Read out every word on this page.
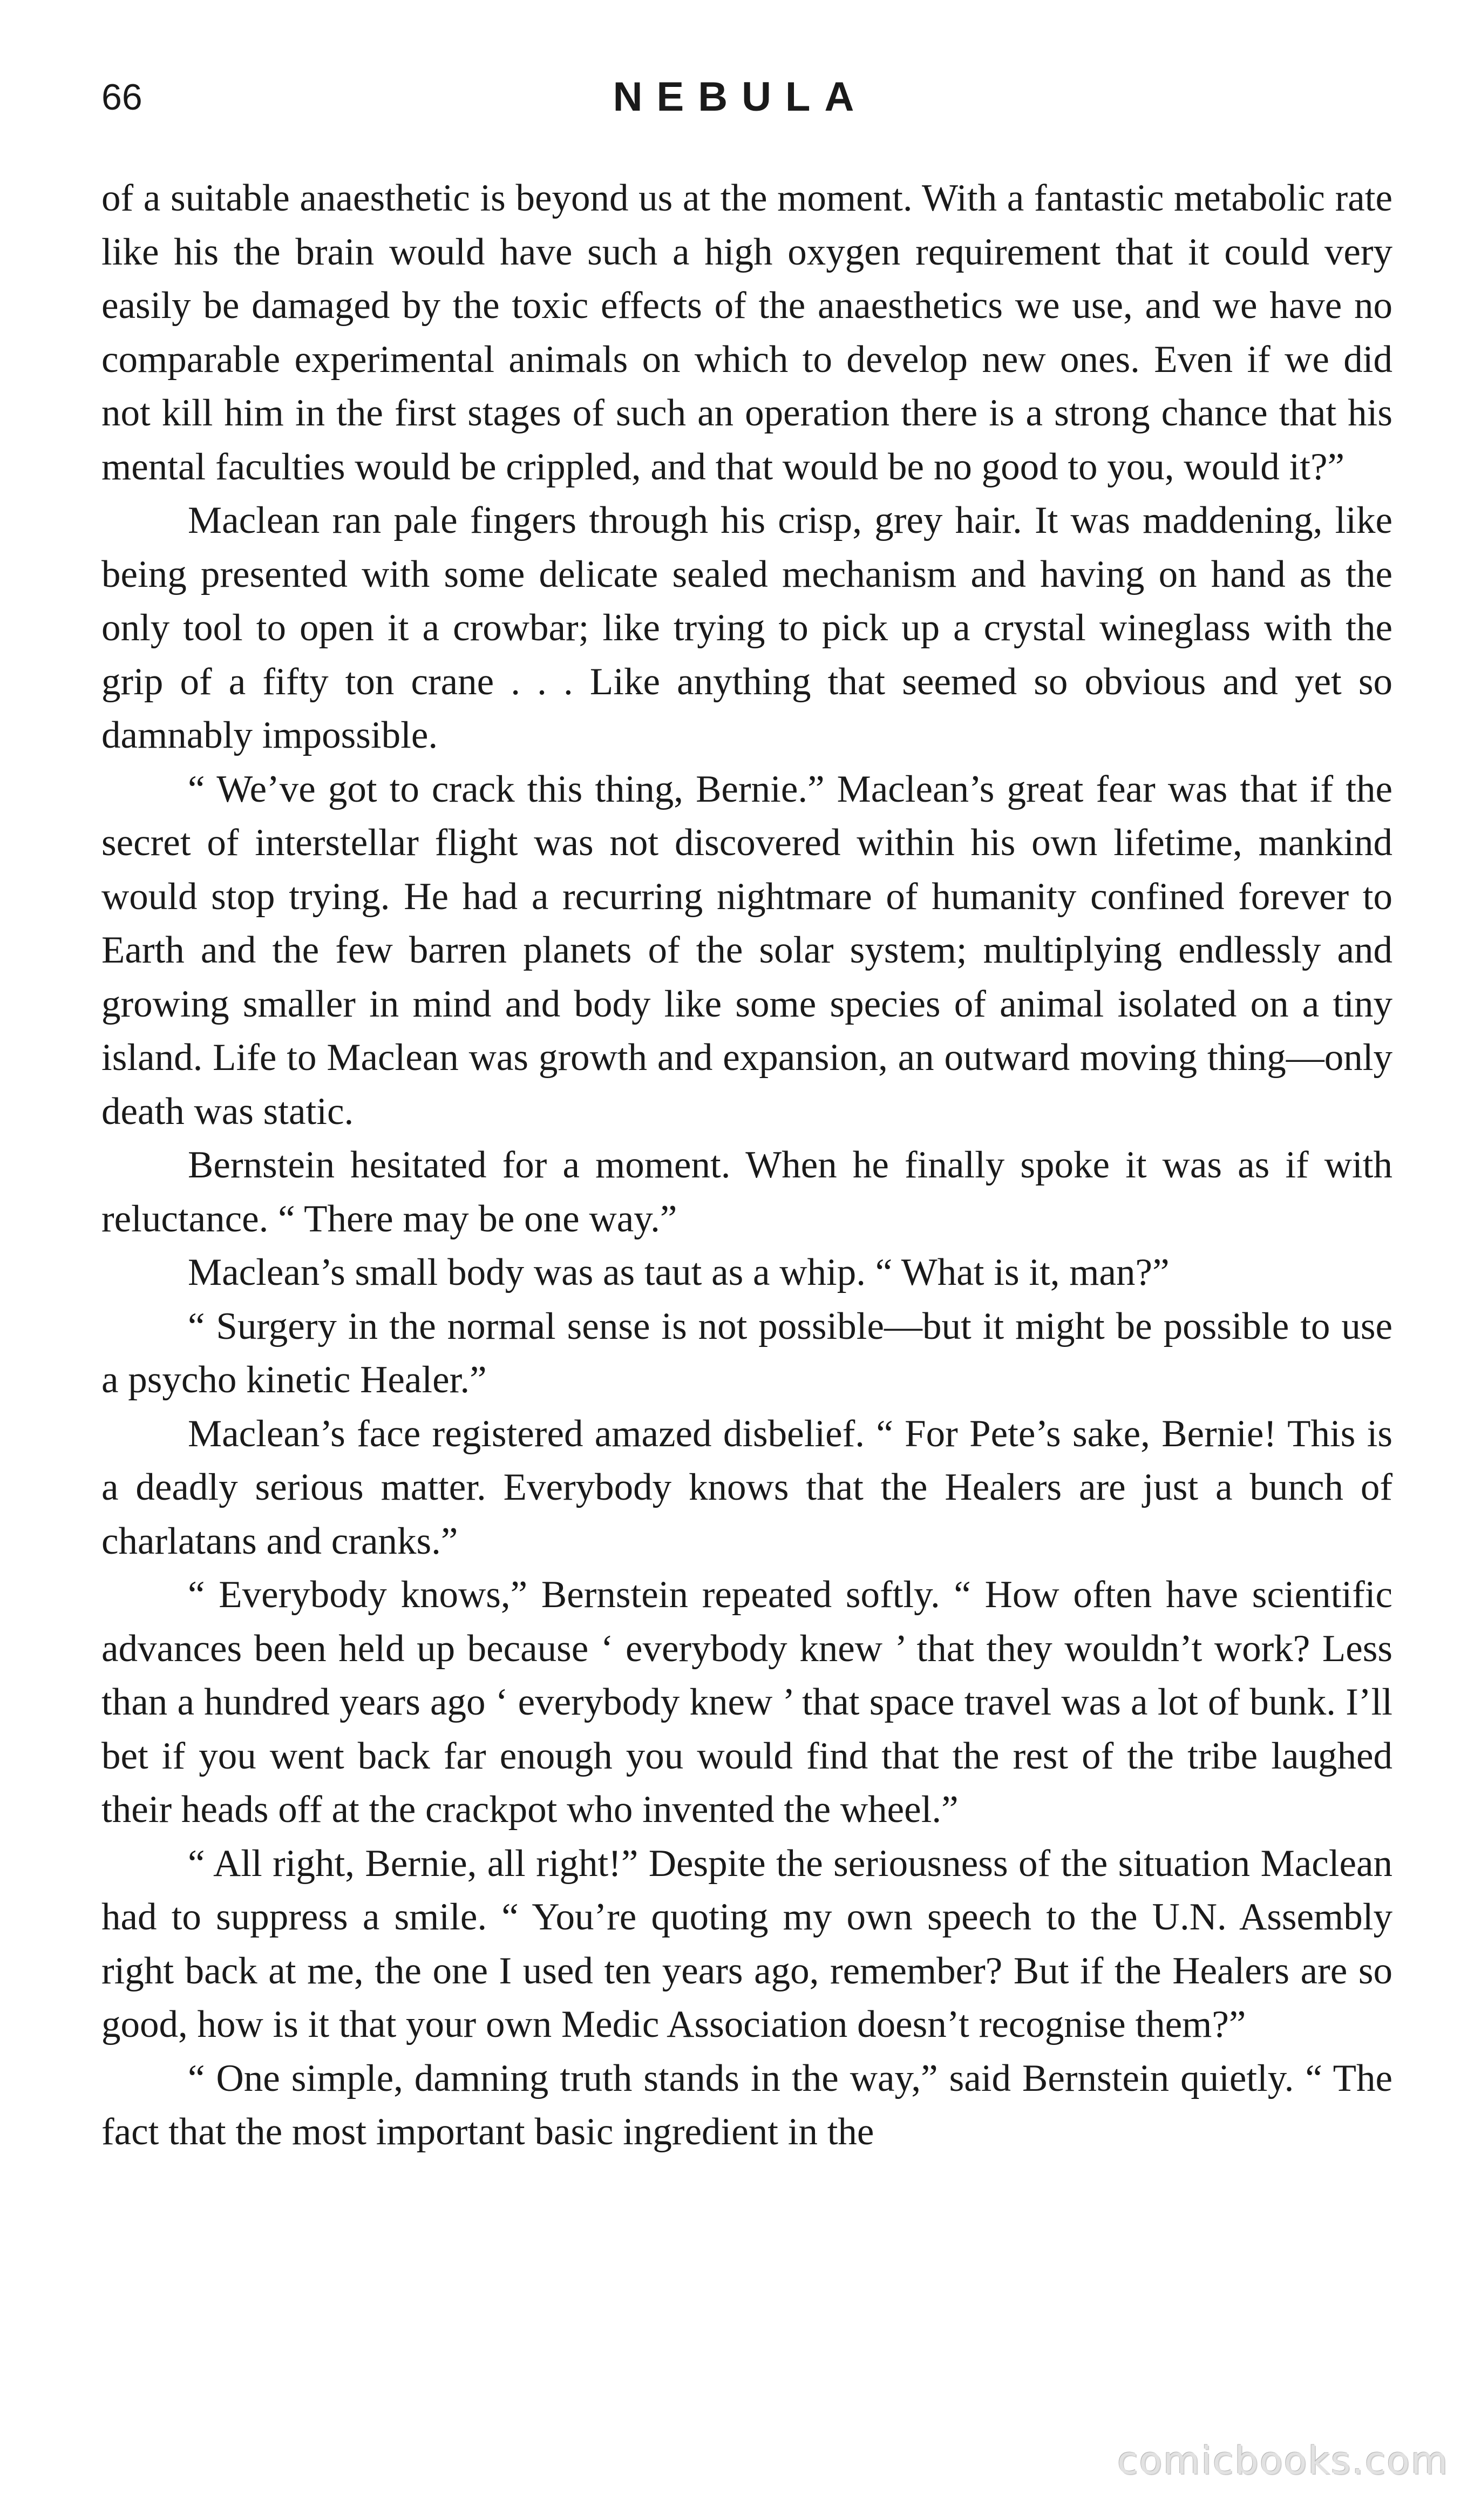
66	NEBULA

of a suitable anaesthetic is beyond us at the moment. With a fantastic metabolic rate like his the brain would have such a high oxygen requirement that it could very easily be damaged by the toxic effects of the anaesthetics we use, and we have no comparable experimental animals on which to develop new ones. Even if we did not kill him in the first stages of such an operation there is a strong chance that his mental faculties would be crippled, and that would be no good to you, would it?”

Maclean ran pale fingers through his crisp, grey hair. It was maddening, like being presented with some delicate sealed mechanism and having on hand as the only tool to open it a crowbar; like trying to pick up a crystal wineglass with the grip of a fifty ton crane . . . Like anything that seemed so obvious and yet so damnably impossible.

“ We’ve got to crack this thing, Bernie.” Maclean’s great fear was that if the secret of interstellar flight was not discovered within his own lifetime, mankind would stop trying. He had a recurring nightmare of humanity confined forever to Earth and the few barren planets of the solar system; multiplying endlessly and growing smaller in mind and body like some species of animal isolated on a tiny island. Life to Maclean was growth and expansion, an outward moving thing—only death was static.

Bernstein hesitated for a moment. When he finally spoke it was as if with reluctance. “ There may be one way.”

Maclean’s small body was as taut as a whip. “ What is it, man?”

“ Surgery in the normal sense is not possible—but it might be possible to use a psycho kinetic Healer.”

Maclean’s face registered amazed disbelief. “ For Pete’s sake, Bernie! This is a deadly serious matter. Everybody knows that the Healers are just a bunch of charlatans and cranks.”

“ Everybody knows,” Bernstein repeated softly. “ How often have scientific advances been held up because ‘ everybody knew ’ that they wouldn’t work? Less than a hundred years ago ‘ everybody knew ’ that space travel was a lot of bunk. I’ll bet if you went back far enough you would find that the rest of the tribe laughed their heads off at the crackpot who invented the wheel.”

“ All right, Bernie, all right!” Despite the seriousness of the situation Maclean had to suppress a smile. “ You’re quoting my own speech to the U.N. Assembly right back at me, the one I used ten years ago, remember? But if the Healers are so good, how is it that your own Medic Association doesn’t recognise them?”

“ One simple, damning truth stands in the way,” said Bernstein quietly. “ The fact that the most important basic ingredient in the

comicbooks.com
